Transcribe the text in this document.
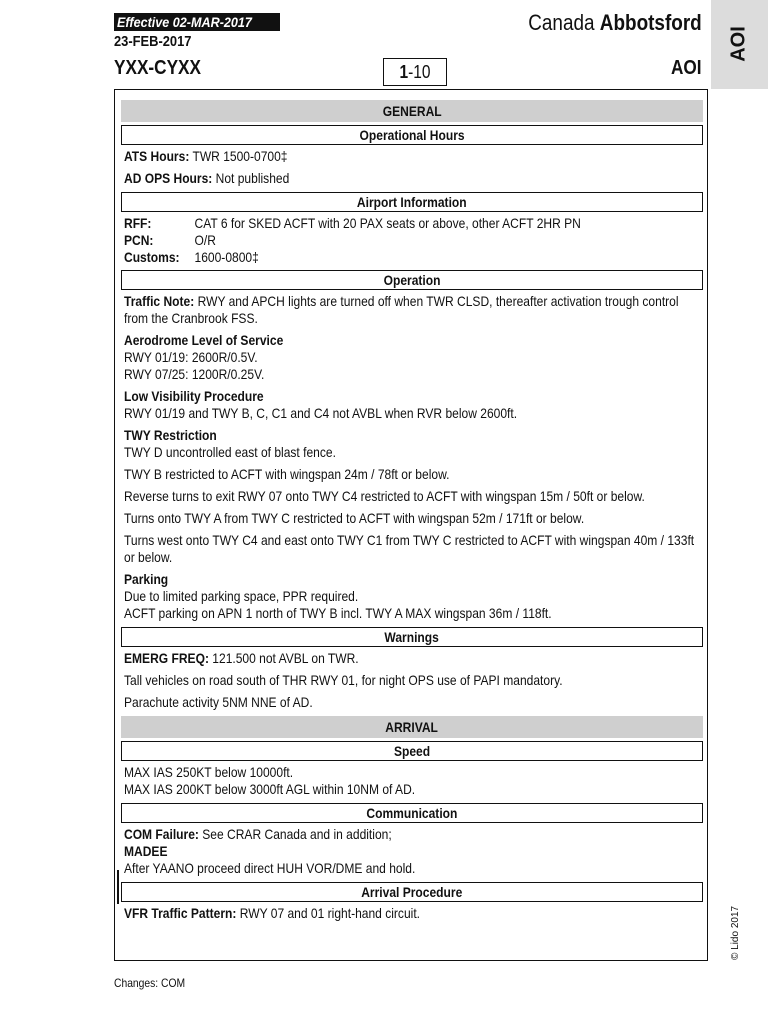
Effective 02-MAR-2017
23-FEB-2017
YXX-CYXX	1-10
Canada Abbotsford
AOI
AOI
GENERAL
Operational Hours
ATS Hours: TWR 1500-0700‡
AD OPS Hours: Not published
Airport Information
RFF:	CAT 6 for SKED ACFT with 20 PAX seats or above, other ACFT 2HR PN
PCN:	O/R
Customs:	1600-0800‡
Operation
Traffic Note: RWY and APCH lights are turned off when TWR CLSD, thereafter activation trough control from the Cranbrook FSS.
Aerodrome Level of Service
RWY 01/19: 2600R/0.5V.
RWY 07/25: 1200R/0.25V.
Low Visibility Procedure
RWY 01/19 and TWY B, C, C1 and C4 not AVBL when RVR below 2600ft.
TWY Restriction
TWY D uncontrolled east of blast fence.
TWY B restricted to ACFT with wingspan 24m / 78ft or below.
Reverse turns to exit RWY 07 onto TWY C4 restricted to ACFT with wingspan 15m / 50ft or below.
Turns onto TWY A from TWY C restricted to ACFT with wingspan 52m / 171ft or below.
Turns west onto TWY C4 and east onto TWY C1 from TWY C restricted to ACFT with wingspan 40m / 133ft or below.
Parking
Due to limited parking space, PPR required.
ACFT parking on APN 1 north of TWY B incl. TWY A MAX wingspan 36m / 118ft.
Warnings
EMERG FREQ: 121.500 not AVBL on TWR.
Tall vehicles on road south of THR RWY 01, for night OPS use of PAPI mandatory.
Parachute activity 5NM NNE of AD.
ARRIVAL
Speed
MAX IAS 250KT below 10000ft.
MAX IAS 200KT below 3000ft AGL within 10NM of AD.
Communication
COM Failure: See CRAR Canada and in addition;
MADEE
After YAANO proceed direct HUH VOR/DME and hold.
Arrival Procedure
VFR Traffic Pattern: RWY 07 and 01 right-hand circuit.	© Lido 2017
Changes: COM
